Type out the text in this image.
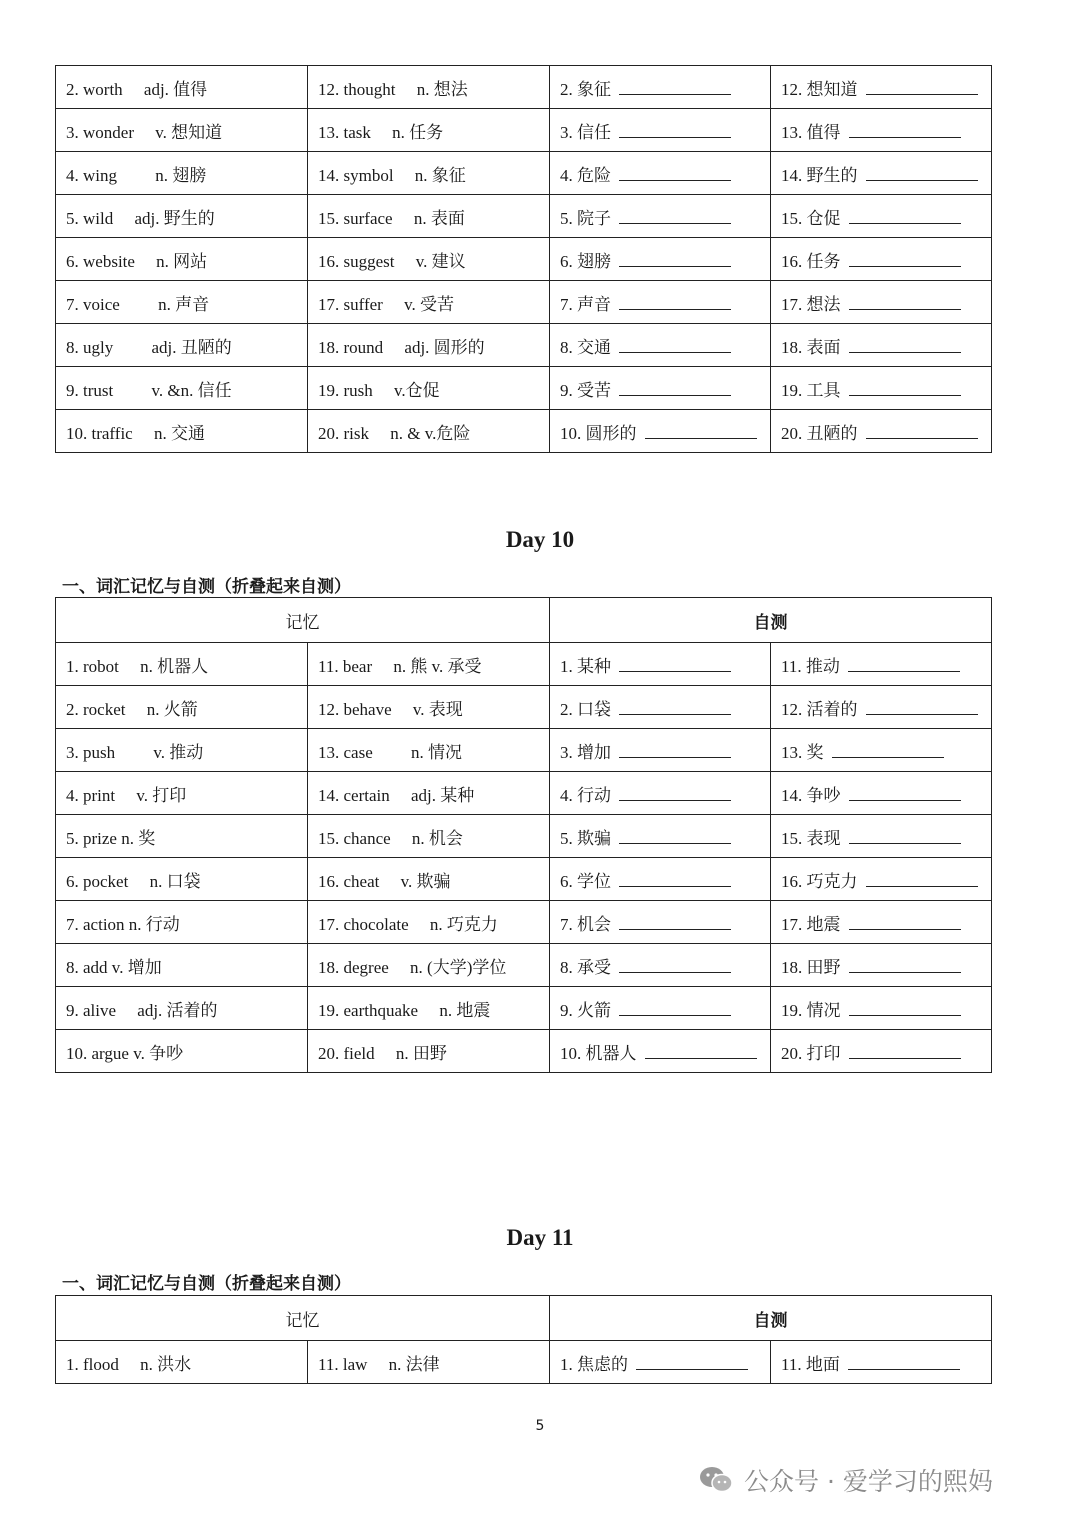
2. worth　 adj. 值得	12. thought　 n. 想法	2. 象征	12. 想知道
3. wonder　 v. 想知道	13. task　 n. 任务	3. 信任	13. 值得
4. wing　　 n. 翅膀	14. symbol　 n. 象征	4. 危险	14. 野生的
5. wild　 adj. 野生的	15. surface　 n. 表面	5. 院子	15. 仓促
6. website　 n. 网站	16. suggest　 v. 建议	6. 翅膀	16. 任务
7. voice　　 n. 声音	17. suffer　 v. 受苦	7. 声音	17. 想法
8. ugly　　 adj. 丑陋的	18. round　 adj. 圆形的	8. 交通	18. 表面
9. trust　　 v. &n. 信任	19. rush　 v.仓促	9. 受苦	19. 工具
10. traffic　 n. 交通	20. risk　 n. & v.危险	10. 圆形的	20. 丑陋的
Day 10
一、词汇记忆与自测（折叠起来自测）
记忆		自测	
1. robot　 n. 机器人	11. bear　 n. 熊 v. 承受	1. 某种	11. 推动
2. rocket　 n. 火箭	12. behave　 v. 表现	2. 口袋	12. 活着的
3. push　　 v. 推动	13. case　　 n. 情况	3. 增加	13. 奖
4. print　 v. 打印	14. certain　 adj. 某种	4. 行动	14. 争吵
5. prize n. 奖	15. chance　 n. 机会	5. 欺骗	15. 表现
6. pocket　 n. 口袋	16. cheat　 v. 欺骗	6. 学位	16. 巧克力
7. action n. 行动	17. chocolate　 n. 巧克力	7. 机会	17. 地震
8. add v. 增加	18. degree　 n. (大学)学位	8. 承受	18. 田野
9. alive　 adj. 活着的	19. earthquake　 n. 地震	9. 火箭	19. 情况
10. argue v. 争吵	20. field　 n. 田野	10. 机器人	20. 打印
Day 11
一、词汇记忆与自测（折叠起来自测）
记忆		自测	
1. flood　 n. 洪水	11. law　 n. 法律	1. 焦虑的	11. 地面
5
公众号 · 爱学习的熙妈
